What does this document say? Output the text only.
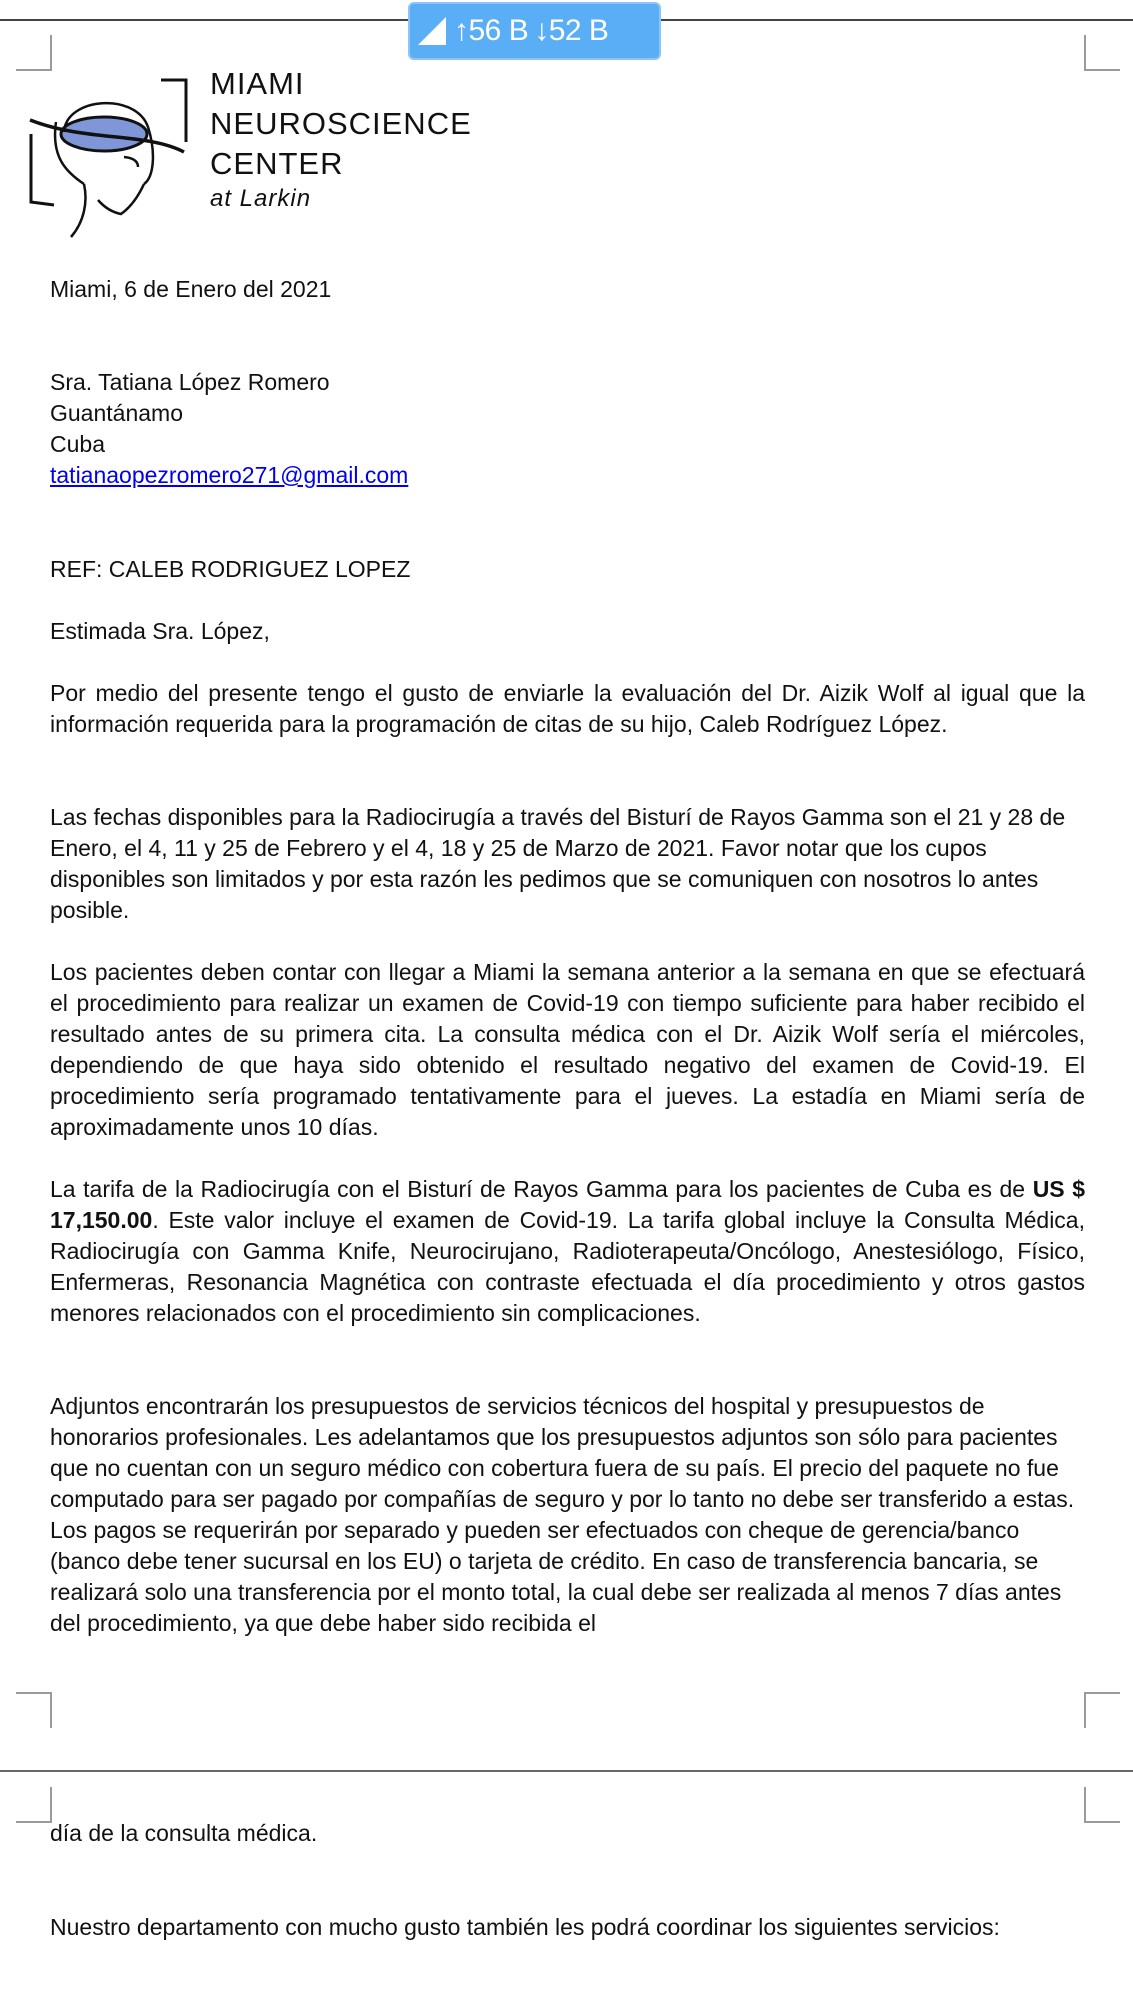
↑56 B ↓52 B
MIAMI
NEUROSCIENCE
CENTER
at Larkin

Miami, 6 de Enero del 2021

Sra. Tatiana López Romero

Guantánamo

Cuba

tatianaopezromero271@gmail.com

REF: CALEB RODRIGUEZ LOPEZ

Estimada Sra. López,

Por medio del presente tengo el gusto de enviarle la evaluación del Dr. Aizik Wolf al igual que la información requerida para la programación de citas de su hijo, Caleb Rodríguez López.

Las fechas disponibles para la Radiocirugía a través del Bisturí de Rayos Gamma son el 21 y 28 de Enero, el 4, 11 y 25 de Febrero y el 4, 18 y 25 de Marzo de 2021. Favor notar que los cupos disponibles son limitados y por esta razón les pedimos que se comuniquen con nosotros lo antes posible.

Los pacientes deben contar con llegar a Miami la semana anterior a la semana en que se efectuará el procedimiento para realizar un examen de Covid-19 con tiempo suficiente para haber recibido el resultado antes de su primera cita. La consulta médica con el Dr. Aizik Wolf sería el miércoles, dependiendo de que haya sido obtenido el resultado negativo del examen de Covid-19. El procedimiento sería programado tentativamente para el jueves. La estadía en Miami sería de aproximadamente unos 10 días.

La tarifa de la Radiocirugía con el Bisturí de Rayos Gamma para los pacientes de Cuba es de US $ 17,150.00. Este valor incluye el examen de Covid-19. La tarifa global incluye la Consulta Médica, Radiocirugía con Gamma Knife, Neurocirujano, Radioterapeuta/Oncólogo, Anestesiólogo, Físico, Enfermeras, Resonancia Magnética con contraste efectuada el día procedimiento y otros gastos menores relacionados con el procedimiento sin complicaciones.

Adjuntos encontrarán los presupuestos de servicios técnicos del hospital y presupuestos de honorarios profesionales. Les adelantamos que los presupuestos adjuntos son sólo para pacientes que no cuentan con un seguro médico con cobertura fuera de su país. El precio del paquete no fue computado para ser pagado por compañías de seguro y por lo tanto no debe ser transferido a estas. Los pagos se requerirán por separado y pueden ser efectuados con cheque de gerencia/banco (banco debe tener sucursal en los EU) o tarjeta de crédito. En caso de transferencia bancaria, se realizará solo una transferencia por el monto total, la cual debe ser realizada al menos 7 días antes del procedimiento, ya que debe haber sido recibida el

día de la consulta médica.

Nuestro departamento con mucho gusto también les podrá coordinar los siguientes servicios:
